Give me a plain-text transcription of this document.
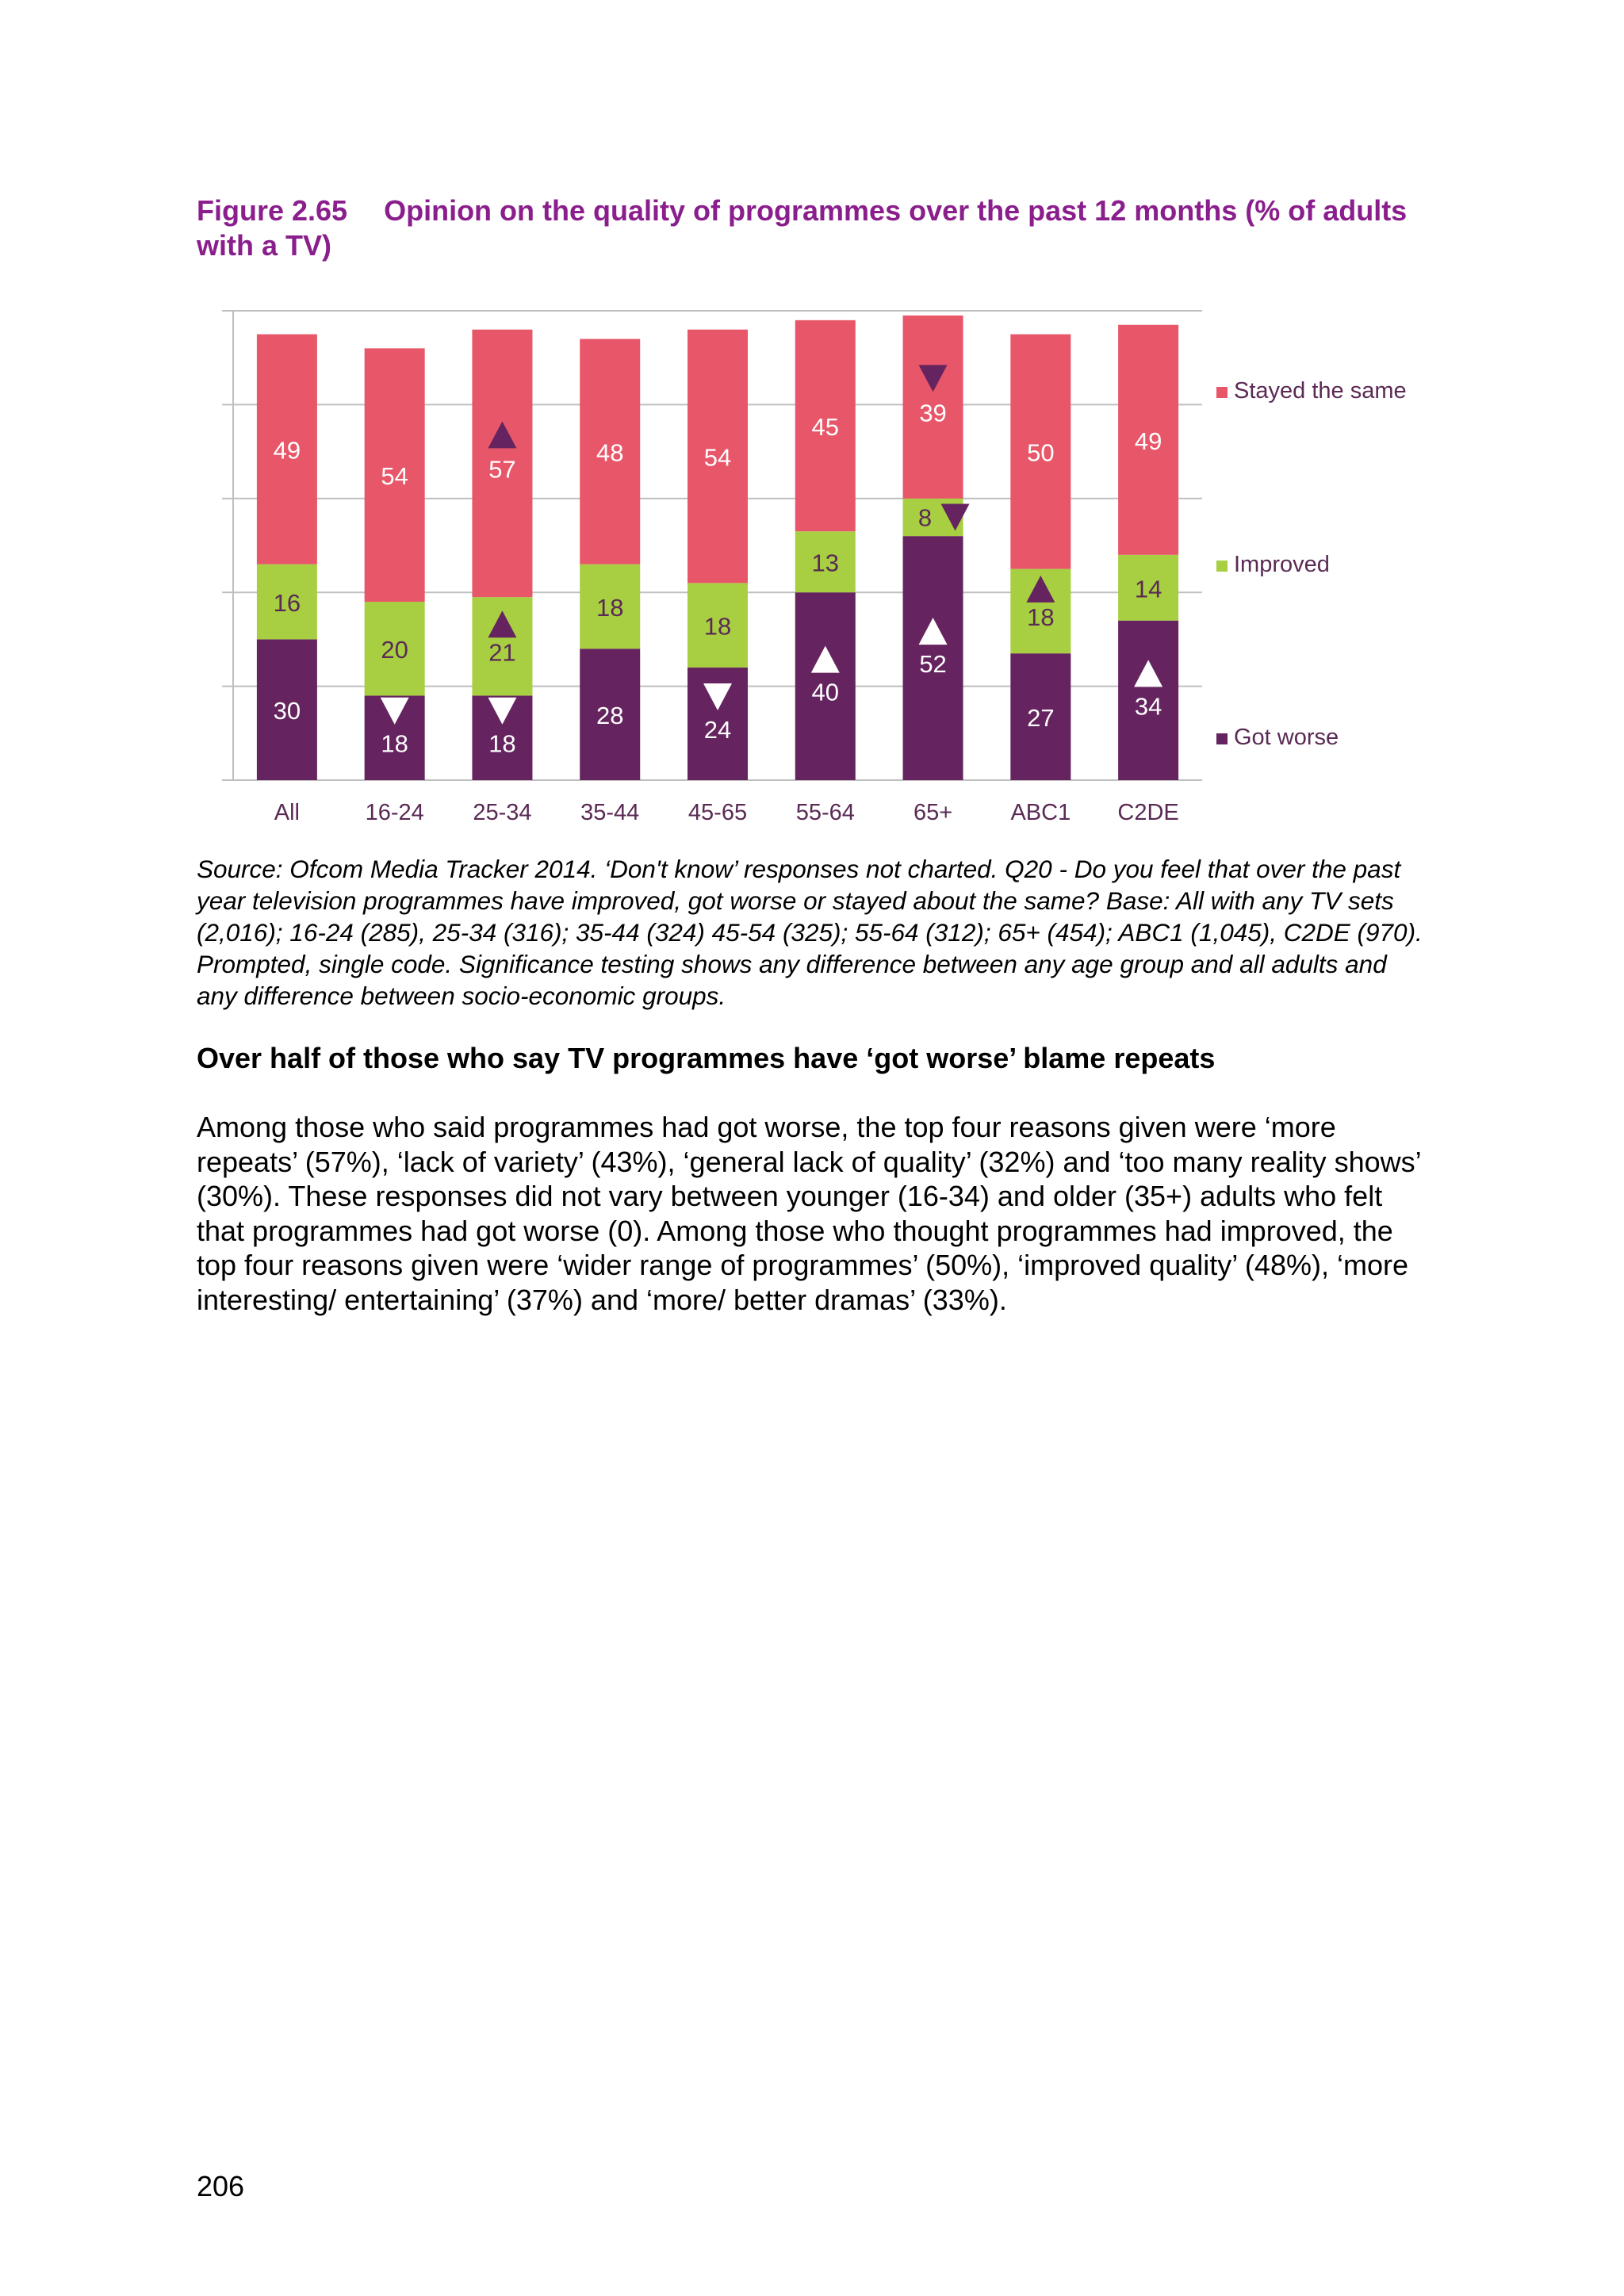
Figure 2.65 Opinion on the quality of programmes over the past 12 months (% of adults with a TV)
30
16
49
All
18
20
54
16-24
18
21
57
25-34
28
18
48
35-44
24
18
54
45-65
40
13
45
55-64
52
8
39
65+
27
18
50
ABC1
34
14
49
C2DE
Stayed the same
Improved
Got worse

Source: Ofcom Media Tracker 2014. ‘Don't know’ responses not charted. Q20 - Do you feel that over the past year television programmes have improved, got worse or stayed about the same? Base: All with any TV sets (2,016); 16-24 (285), 25-34 (316); 35-44 (324) 45-54 (325); 55-64 (312); 65+ (454); ABC1 (1,045), C2DE (970). Prompted, single code. Significance testing shows any difference between any age group and all adults and any difference between socio-economic groups.

Over half of those who say TV programmes have ‘got worse’ blame repeats

Among those who said programmes had got worse, the top four reasons given were ‘more repeats’ (57%), ‘lack of variety’ (43%), ‘general lack of quality’ (32%) and ‘too many reality shows’ (30%). These responses did not vary between younger (16-34) and older (35+) adults who felt that programmes had got worse (0). Among those who thought programmes had improved, the top four reasons given were ‘wider range of programmes’ (50%), ‘improved quality’ (48%), ‘more interesting/ entertaining’ (37%) and ‘more/ better dramas’ (33%).

206
